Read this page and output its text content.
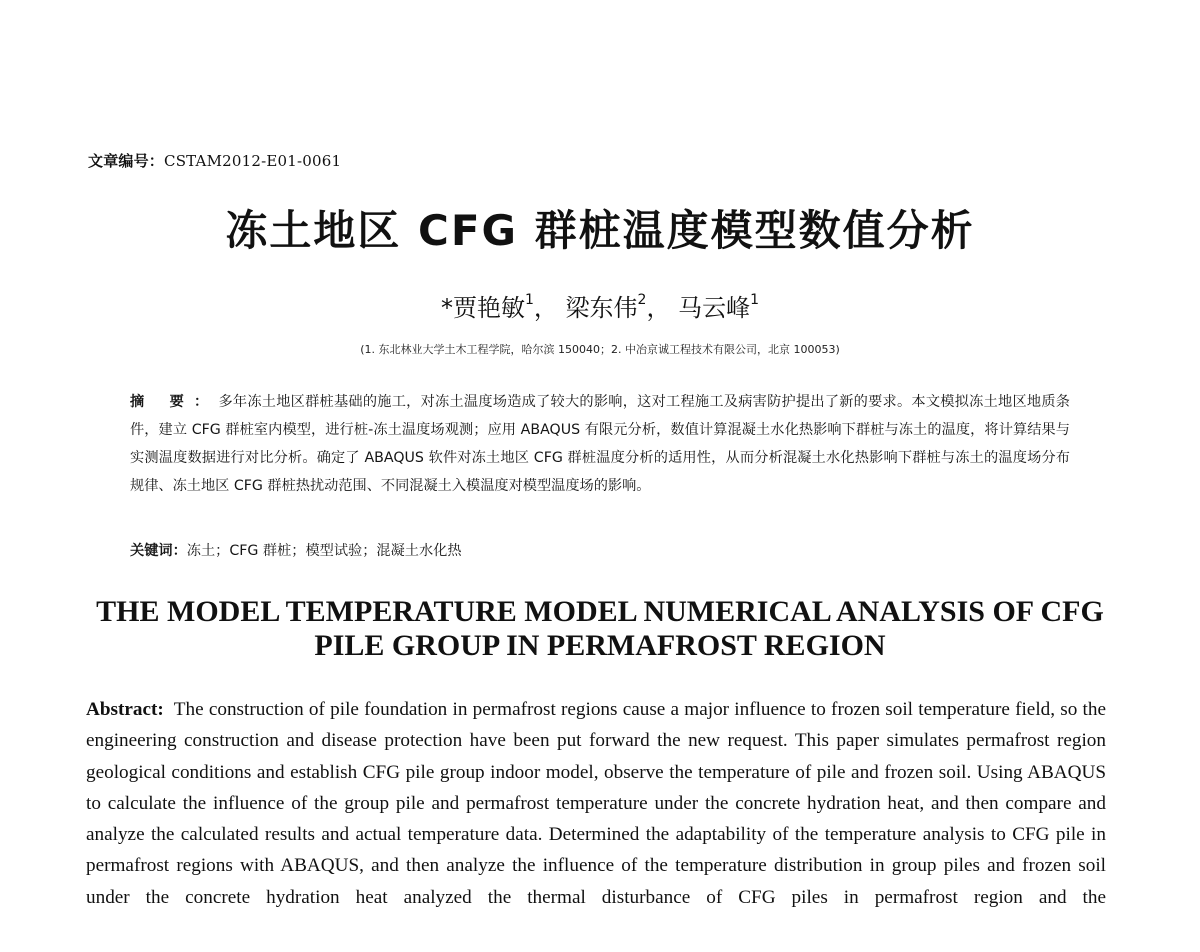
文章编号：CSTAM2012-E01-0061
冻土地区 CFG 群桩温度模型数值分析
*贾艳敏$^1$， 梁东伟$^2$， 马云峰$^1$
(1. 东北林业大学土木工程学院，哈尔滨 150040；2. 中冶京诚工程技术有限公司，北京 100053)
摘 要：多年冻土地区群桩基础的施工，对冻土温度场造成了较大的影响，这对工程施工及病害防护提出了新的要求。本文模拟冻土地区地质条件，建立 CFG 群桩室内模型，进行桩-冻土温度场观测；应用 ABAQUS 有限元分析，数值计算混凝土水化热影响下群桩与冻土的温度，将计算结果与实测温度数据进行对比分析。确定了 ABAQUS 软件对冻土地区 CFG 群桩温度分析的适用性，从而分析混凝土水化热影响下群桩与冻土的温度场分布规律、冻土地区 CFG 群桩热扰动范围、不同混凝土入模温度对模型温度场的影响。
关键词：冻土；CFG 群桩；模型试验；混凝土水化热
THE MODEL TEMPERATURE MODEL NUMERICAL ANALYSIS OF CFG PILE GROUP IN PERMAFROST REGION
Abstract: The construction of pile foundation in permafrost regions cause a major influence to frozen soil temperature field, so the engineering construction and disease protection have been put forward the new request. This paper simulates permafrost region geological conditions and establish CFG pile group indoor model, observe the temperature of pile and frozen soil. Using ABAQUS to calculate the influence of the group pile and permafrost temperature under the concrete hydration heat, and then compare and analyze the calculated results and actual temperature data. Determined the adaptability of the temperature analysis to CFG pile in permafrost regions with ABAQUS, and then analyze the influence of the temperature distribution in group piles and frozen soil under the concrete hydration heat analyzed the thermal disturbance of CFG piles in permafrost region and the
